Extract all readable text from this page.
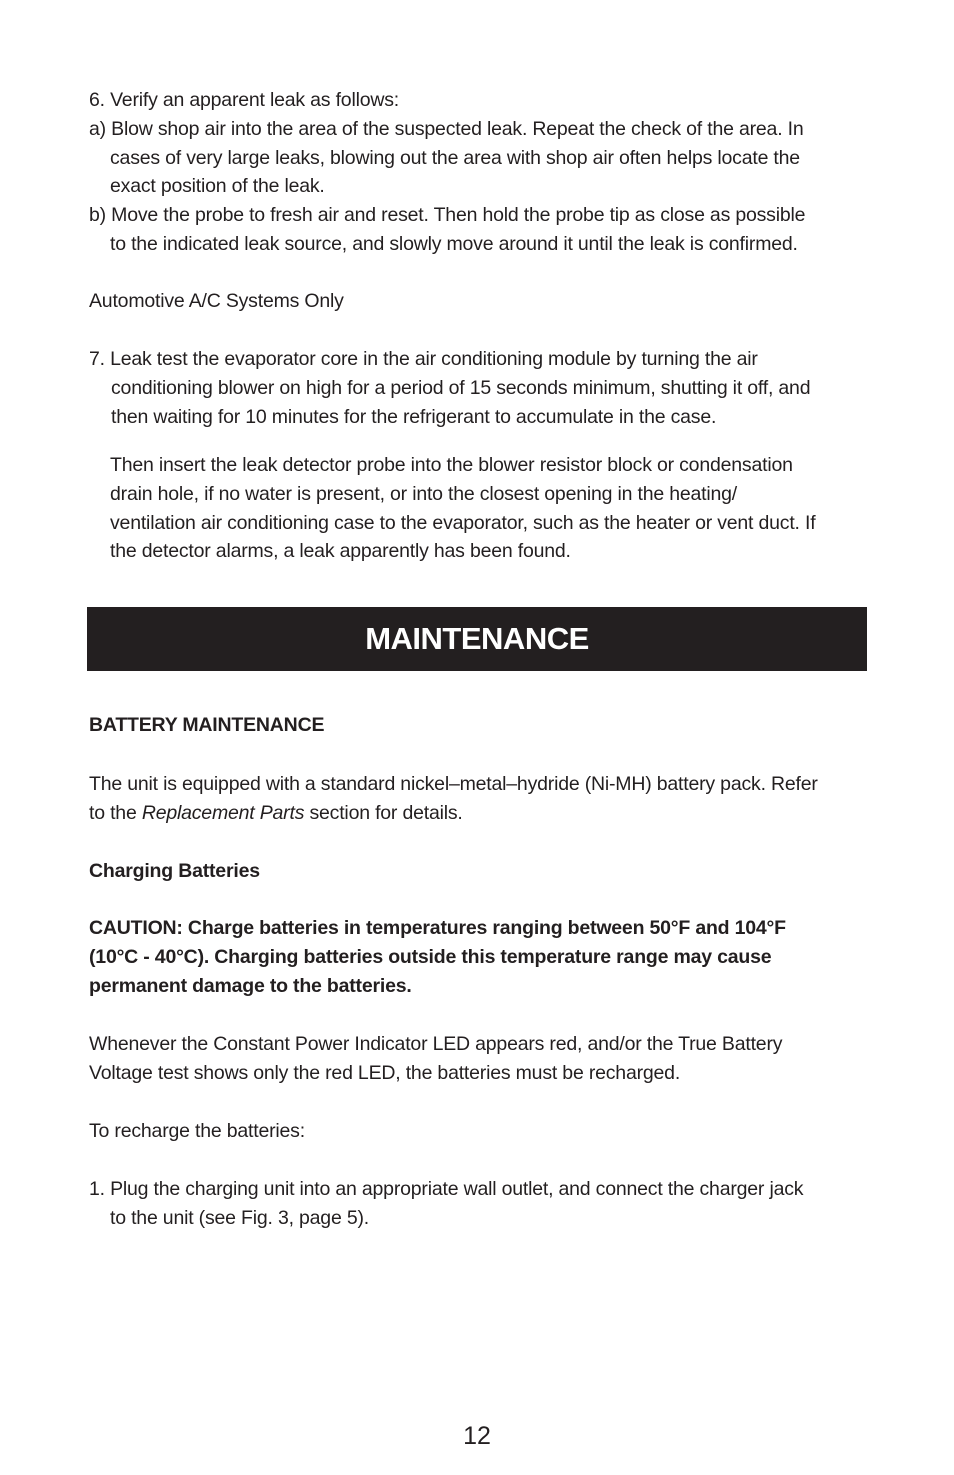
6. Verify an apparent leak as follows:
a) Blow shop air into the area of the suspected leak. Repeat the check of the area. In
cases of very large leaks, blowing out the area with shop air often helps locate the
exact position of the leak.
b) Move the probe to fresh air and reset. Then hold the probe tip as close as possible
to the indicated leak source, and slowly move around it until the leak is confirmed.
Automotive A/C Systems Only
7. Leak test the evaporator core in the air conditioning module by turning the air
conditioning blower on high for a period of 15 seconds minimum, shutting it off, and
then waiting for 10 minutes for the refrigerant to accumulate in the case.
Then insert the leak detector probe into the blower resistor block or condensation
drain hole, if no water is present, or into the closest opening in the heating/
ventilation air conditioning case to the evaporator, such as the heater or vent duct. If
the detector alarms, a leak apparently has been found.
MAINTENANCE
BATTERY MAINTENANCE
The unit is equipped with a standard nickel–metal–hydride (Ni-MH) battery pack. Refer
to the Replacement Parts section for details.
Charging Batteries
CAUTION: Charge batteries in temperatures ranging between 50°F and 104°F
(10°C - 40°C). Charging batteries outside this temperature range may cause
permanent damage to the batteries.
Whenever the Constant Power Indicator LED appears red, and/or the True Battery
Voltage test shows only the red LED, the batteries must be recharged.
To recharge the batteries:
1. Plug the charging unit into an appropriate wall outlet, and connect the charger jack
to the unit (see Fig. 3, page 5).
12
